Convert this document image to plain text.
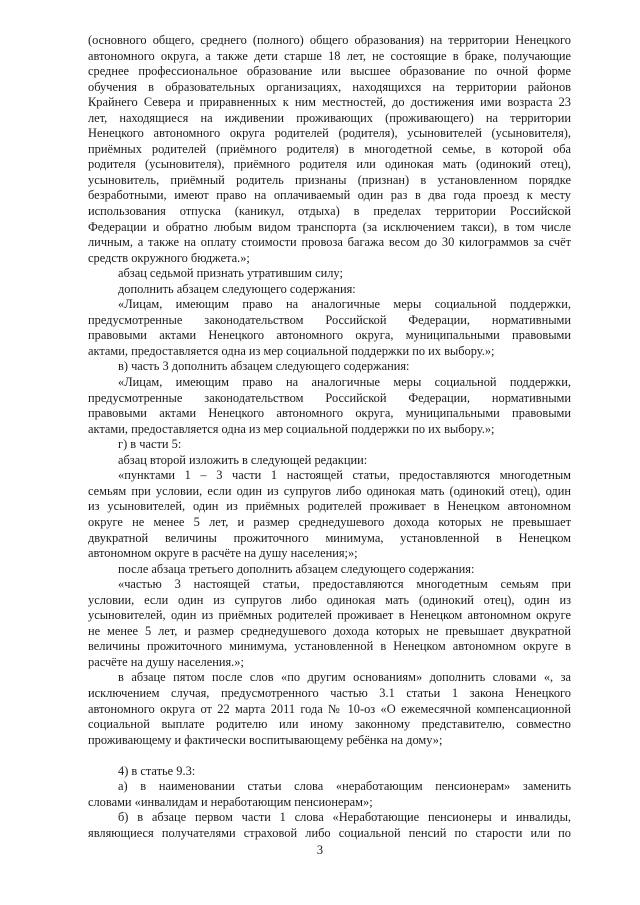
(основного общего, среднего (полного) общего образования) на территории Ненецкого
автономного округа, а также дети старше 18 лет, не состоящие в браке, получающие
среднее профессиональное образование или высшее образование по очной форме
обучения в образовательных организациях, находящихся на территории районов
Крайнего Севера и приравненных к ним местностей, до достижения ими возраста 23
лет, находящиеся на иждивении проживающих (проживающего) на территории
Ненецкого автономного округа родителей (родителя), усыновителей (усыновителя),
приёмных родителей (приёмного родителя) в многодетной семье, в которой оба
родителя (усыновителя), приёмного родителя или одинокая мать (одинокий отец),
усыновитель, приёмный родитель признаны (признан) в установленном порядке
безработными, имеют право на оплачиваемый один раз в два года проезд к месту
использования отпуска (каникул, отдыха) в пределах территории Российской
Федерации и обратно любым видом транспорта (за исключением такси), в том числе
личным, а также на оплату стоимости провоза багажа весом до 30 килограммов за счёт
средств окружного бюджета.»;
абзац седьмой признать утратившим силу;
дополнить абзацем следующего содержания:
«Лицам, имеющим право на аналогичные меры социальной поддержки,
предусмотренные законодательством Российской Федерации, нормативными
правовыми актами Ненецкого автономного округа, муниципальными правовыми
актами, предоставляется одна из мер социальной поддержки по их выбору.»;
в) часть 3 дополнить абзацем следующего содержания:
«Лицам, имеющим право на аналогичные меры социальной поддержки,
предусмотренные законодательством Российской Федерации, нормативными
правовыми актами Ненецкого автономного округа, муниципальными правовыми
актами, предоставляется одна из мер социальной поддержки по их выбору.»;
г) в части 5:
абзац второй изложить в следующей редакции:
«пунктами 1 – 3 части 1 настоящей статьи, предоставляются многодетным
семьям при условии, если один из супругов либо одинокая мать (одинокий отец), один
из усыновителей, один из приёмных родителей проживает в Ненецком автономном
округе не менее 5 лет, и размер среднедушевого дохода которых не превышает
двукратной величины прожиточного минимума, установленной в Ненецком
автономном округе в расчёте на душу населения;»;
после абзаца третьего дополнить абзацем следующего содержания:
«частью 3 настоящей статьи, предоставляются многодетным семьям при
условии, если один из супругов либо одинокая мать (одинокий отец), один из
усыновителей, один из приёмных родителей проживает в Ненецком автономном округе
не менее 5 лет, и размер среднедушевого дохода которых не превышает двукратной
величины прожиточного минимума, установленной в Ненецком автономном округе в
расчёте на душу населения.»;
в абзаце пятом после слов «по другим основаниям» дополнить словами «, за
исключением случая, предусмотренного частью 3.1 статьи 1 закона Ненецкого
автономного округа от 22 марта 2011 года № 10-оз «О ежемесячной компенсационной
социальной выплате родителю или иному законному представителю, совместно
проживающему и фактически воспитывающему ребёнка на дому»;
4) в статье 9.3:
а) в наименовании статьи слова «неработающим пенсионерам» заменить
словами «инвалидам и неработающим пенсионерам»;
б) в абзаце первом части 1 слова «Неработающие пенсионеры и инвалиды,
являющиеся получателями страховой либо социальной пенсий по старости или по
3
